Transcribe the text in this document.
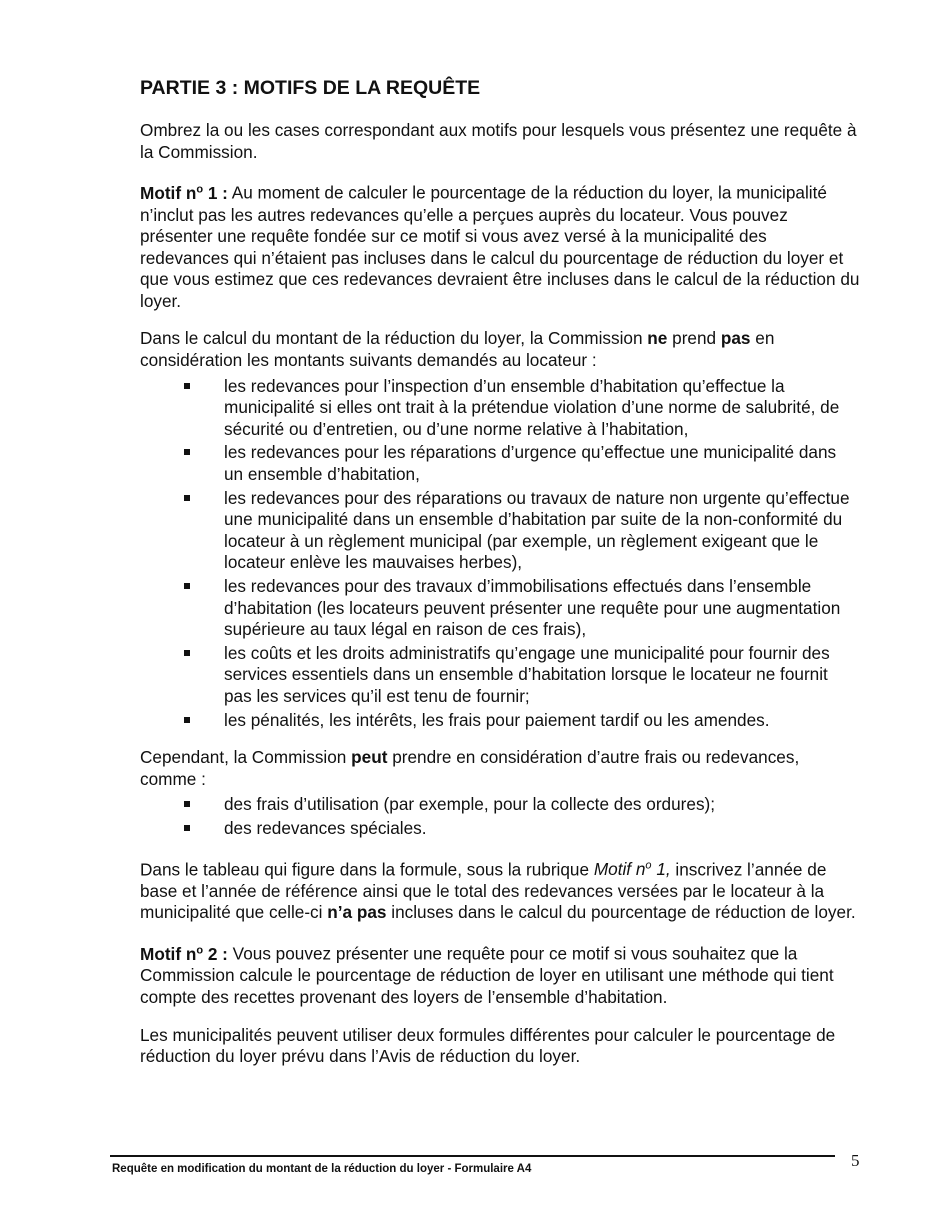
PARTIE 3 : MOTIFS DE LA REQUÊTE

Ombrez la ou les cases correspondant aux motifs pour lesquels vous présentez une requête à la Commission.

Motif $n^o$ 1 : Au moment de calculer le pourcentage de la réduction du loyer, la municipalité n’inclut pas les autres redevances qu’elle a perçues auprès du locateur. Vous pouvez présenter une requête fondée sur ce motif si vous avez versé à la municipalité des redevances qui n’étaient pas incluses dans le calcul du pourcentage de réduction du loyer et que vous estimez que ces redevances devraient être incluses dans le calcul de la réduction du loyer.

Dans le calcul du montant de la réduction du loyer, la Commission ne prend pas en considération les montants suivants demandés au locateur :

les redevances pour l’inspection d’un ensemble d’habitation qu’effectue la municipalité si elles ont trait à la prétendue violation d’une norme de salubrité, de sécurité ou d’entretien, ou d’une norme relative à l’habitation,
les redevances pour les réparations d’urgence qu’effectue une municipalité dans un ensemble d’habitation,
les redevances pour des réparations ou travaux de nature non urgente qu’effectue une municipalité dans un ensemble d’habitation par suite de la non-conformité du locateur à un règlement municipal (par exemple, un règlement exigeant que le locateur enlève les mauvaises herbes),
les redevances pour des travaux d’immobilisations effectués dans l’ensemble d’habitation (les locateurs peuvent présenter une requête pour une augmentation supérieure au taux légal en raison de ces frais),
les coûts et les droits administratifs qu’engage une municipalité pour fournir des services essentiels dans un ensemble d’habitation lorsque le locateur ne fournit pas les services qu’il est tenu de fournir;
les pénalités, les intérêts, les frais pour paiement tardif ou les amendes.

Cependant, la Commission peut prendre en considération d’autre frais ou redevances, comme :

des frais d’utilisation (par exemple, pour la collecte des ordures);
des redevances spéciales.

Dans le tableau qui figure dans la formule, sous la rubrique Motif $n^o$ 1, inscrivez l’année de base et l’année de référence ainsi que le total des redevances versées par le locateur à la municipalité que celle-ci n’a pas incluses dans le calcul du pourcentage de réduction de loyer.

Motif $n^o$ 2 : Vous pouvez présenter une requête pour ce motif si vous souhaitez que la Commission calcule le pourcentage de réduction de loyer en utilisant une méthode qui tient compte des recettes provenant des loyers de l’ensemble d’habitation.

Les municipalités peuvent utiliser deux formules différentes pour calculer le pourcentage de réduction du loyer prévu dans l’Avis de réduction du loyer.

5
Requête en modification du montant de la réduction du loyer - Formulaire A4
